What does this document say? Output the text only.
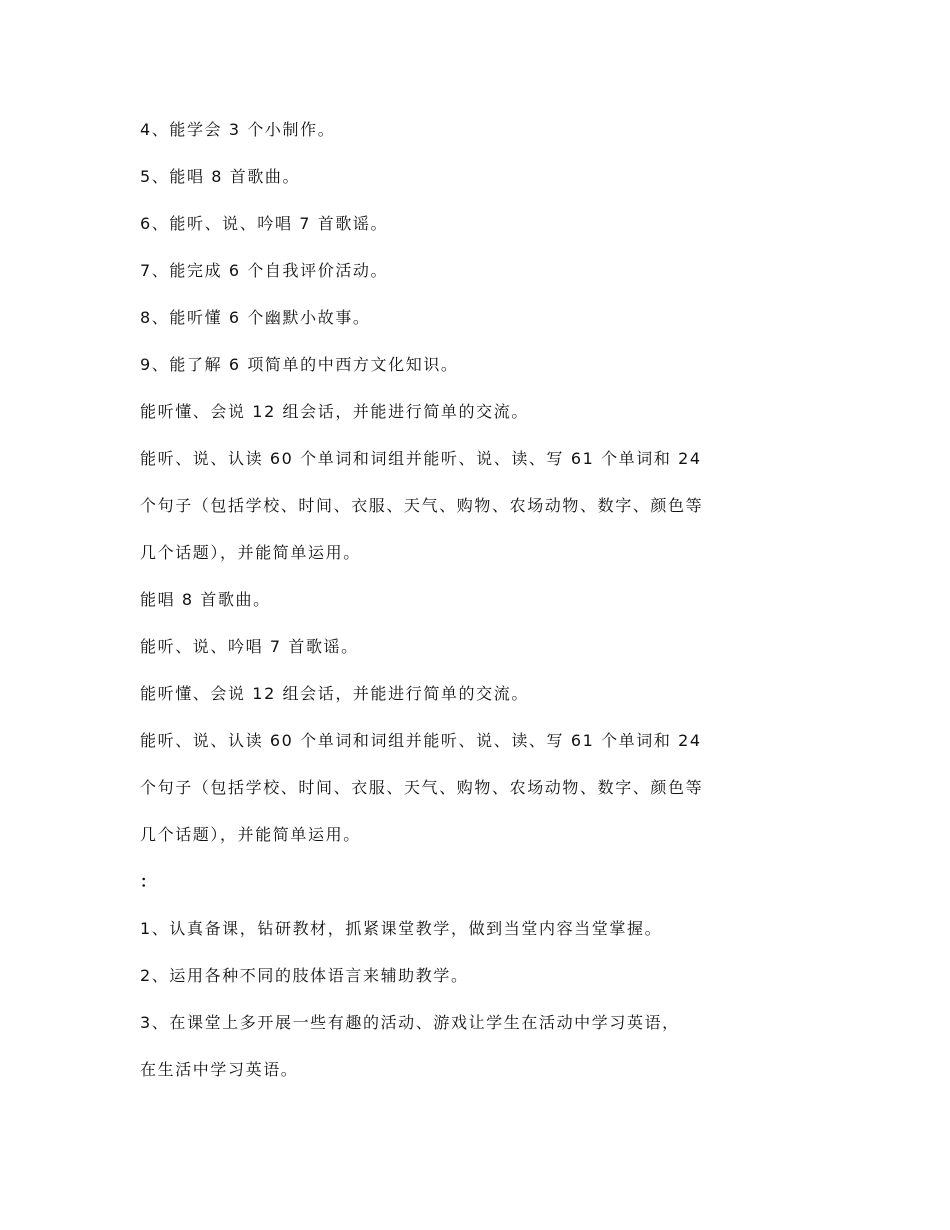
4、能学会 3 个小制作。
5、能唱 8 首歌曲。
6、能听、说、吟唱 7 首歌谣。
7、能完成 6 个自我评价活动。
8、能听懂 6 个幽默小故事。
9、能了解 6 项简单的中西方文化知识。
能听懂、会说 12 组会话，并能进行简单的交流。
能听、说、认读 60 个单词和词组并能听、说、读、写 61 个单词和 24
个句子（包括学校、时间、衣服、天气、购物、农场动物、数字、颜色等
几个话题），并能简单运用。
能唱 8 首歌曲。
能听、说、吟唱 7 首歌谣。
能听懂、会说 12 组会话，并能进行简单的交流。
能听、说、认读 60 个单词和词组并能听、说、读、写 61 个单词和 24
个句子（包括学校、时间、衣服、天气、购物、农场动物、数字、颜色等
几个话题），并能简单运用。
：
1、认真备课，钻研教材，抓紧课堂教学，做到当堂内容当堂掌握。
2、运用各种不同的肢体语言来辅助教学。
3、在课堂上多开展一些有趣的活动、游戏让学生在活动中学习英语，
在生活中学习英语。
